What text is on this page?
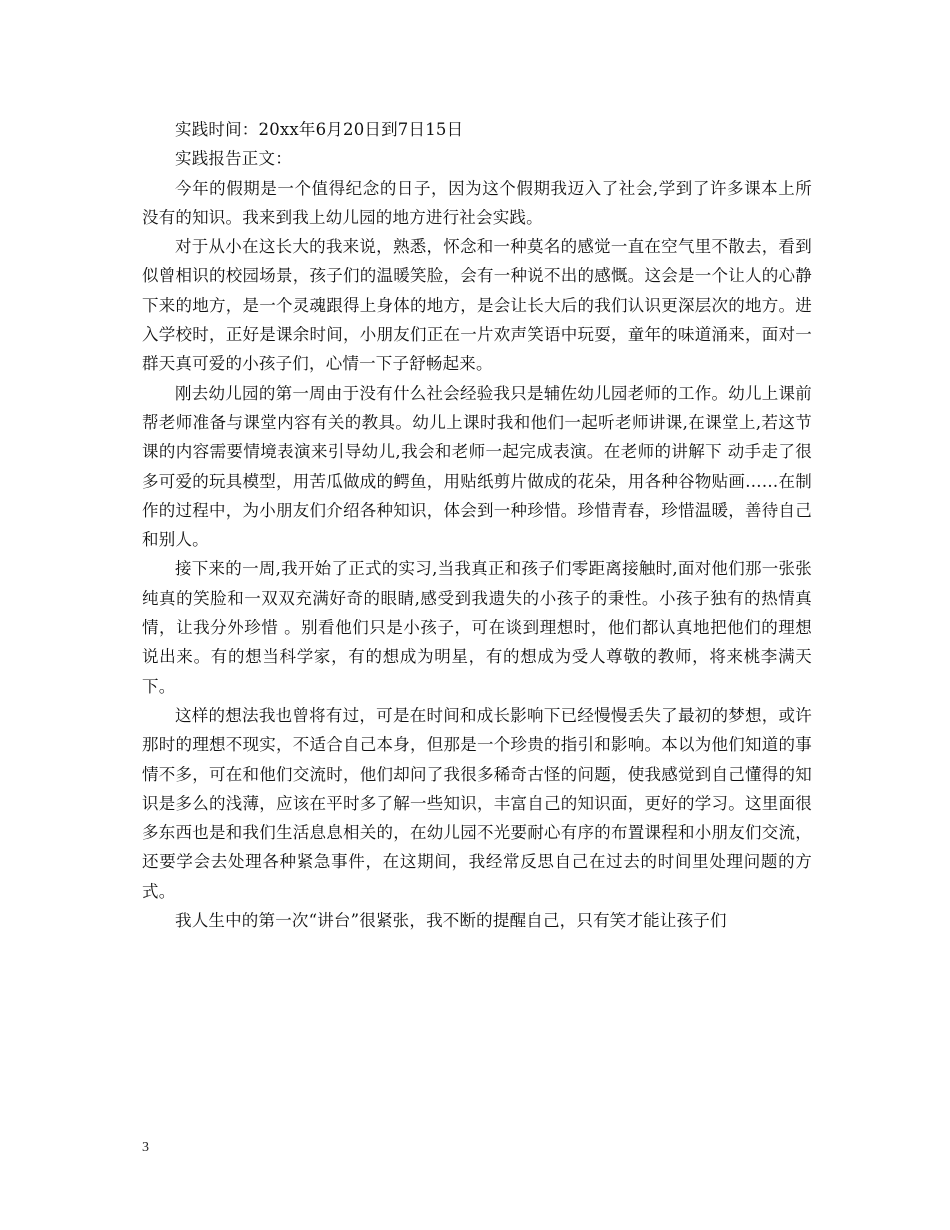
实践时间：20xx年6月20日到7日15日

实践报告正文：

今年的假期是一个值得纪念的日子，因为这个假期我迈入了社会,学到了许多课本上所没有的知识。我来到我上幼儿园的地方进行社会实践。

对于从小在这长大的我来说，熟悉，怀念和一种莫名的感觉一直在空气里不散去，看到似曾相识的校园场景，孩子们的温暖笑脸，会有一种说不出的感慨。这会是一个让人的心静下来的地方，是一个灵魂跟得上身体的地方，是会让长大后的我们认识更深层次的地方。进入学校时，正好是课余时间，小朋友们正在一片欢声笑语中玩耍，童年的味道涌来，面对一群天真可爱的小孩子们，心情一下子舒畅起来。

刚去幼儿园的第一周由于没有什么社会经验我只是辅佐幼儿园老师的工作。幼儿上课前帮老师准备与课堂内容有关的教具。幼儿上课时我和他们一起听老师讲课,在课堂上,若这节课的内容需要情境表演来引导幼儿,我会和老师一起完成表演。在老师的讲解下 动手走了很多可爱的玩具模型，用苦瓜做成的鳄鱼，用贴纸剪片做成的花朵，用各种谷物贴画……在制作的过程中，为小朋友们介绍各种知识，体会到一种珍惜。珍惜青春，珍惜温暖，善待自己和别人。

接下来的一周,我开始了正式的实习,当我真正和孩子们零距离接触时,面对他们那一张张纯真的笑脸和一双双充满好奇的眼睛,感受到我遗失的小孩子的秉性。小孩子独有的热情真情，让我分外珍惜 。别看他们只是小孩子，可在谈到理想时，他们都认真地把他们的理想说出来。有的想当科学家，有的想成为明星，有的想成为受人尊敬的教师，将来桃李满天下。

这样的想法我也曾将有过，可是在时间和成长影响下已经慢慢丢失了最初的梦想，或许那时的理想不现实，不适合自己本身，但那是一个珍贵的指引和影响。本以为他们知道的事情不多，可在和他们交流时，他们却问了我很多稀奇古怪的问题，使我感觉到自己懂得的知识是多么的浅薄，应该在平时多了解一些知识，丰富自己的知识面，更好的学习。这里面很多东西也是和我们生活息息相关的，在幼儿园不光要耐心有序的布置课程和小朋友们交流，还要学会去处理各种紧急事件，在这期间，我经常反思自己在过去的时间里处理问题的方式。

我人生中的第一次“讲台”很紧张，我不断的提醒自己，只有笑才能让孩子们

3
